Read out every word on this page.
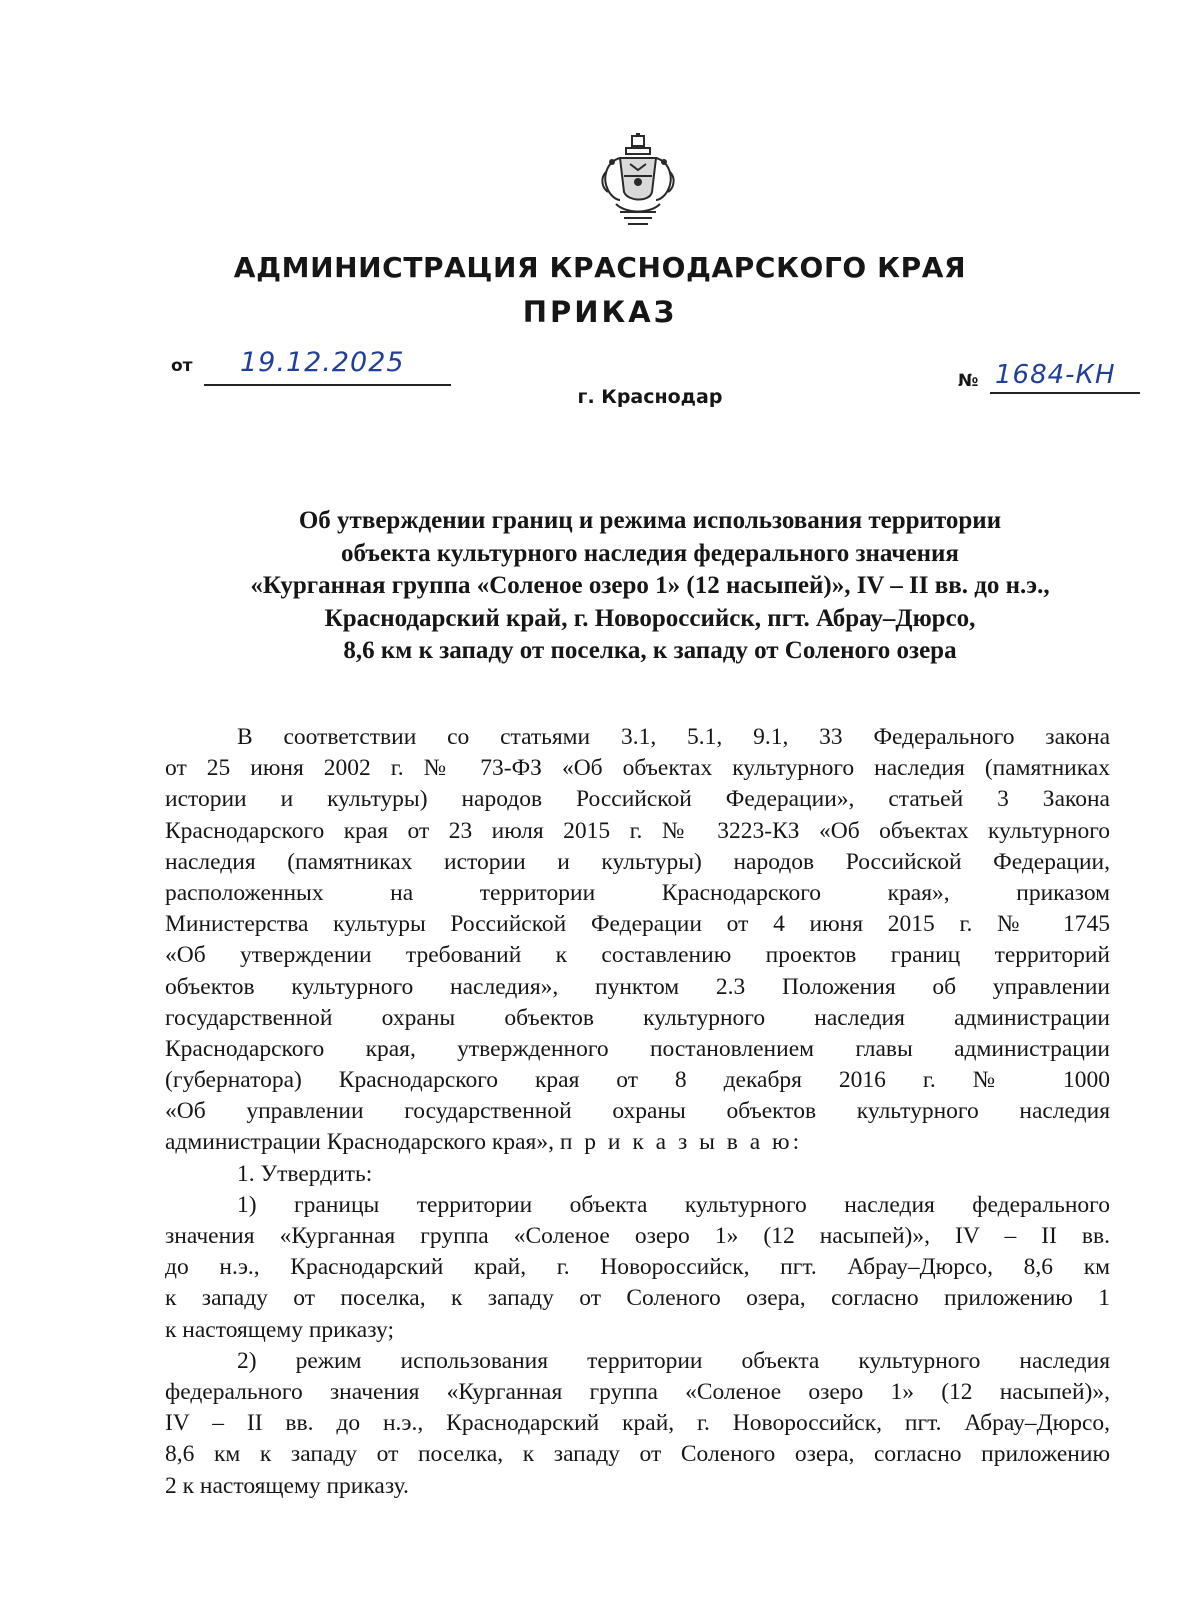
АДМИНИСТРАЦИЯ КРАСНОДАРСКОГО КРАЯ
ПРИКАЗ
от 19.12.2025
г. Краснодар
№ 1684-КН
Об утверждении границ и режима использования территории
объекта культурного наследия федерального значения
«Курганная группа «Соленое озеро 1» (12 насыпей)», IV – II вв. до н.э.,
Краснодарский край, г. Новороссийск, пгт. Абрау–Дюрсо,
8,6 км к западу от поселка, к западу от Соленого озера
В соответствии со статьями 3.1, 5.1, 9.1, 33 Федерального закона
от 25 июня 2002 г. № 73-ФЗ «Об объектах культурного наследия (памятниках
истории и культуры) народов Российской Федерации», статьей 3 Закона
Краснодарского края от 23 июля 2015 г. № 3223-КЗ «Об объектах культурного
наследия (памятниках истории и культуры) народов Российской Федерации,
расположенных на территории Краснодарского края», приказом
Министерства культуры Российской Федерации от 4 июня 2015 г. № 1745
«Об утверждении требований к составлению проектов границ территорий
объектов культурного наследия», пунктом 2.3 Положения об управлении
государственной охраны объектов культурного наследия администрации
Краснодарского края, утвержденного постановлением главы администрации
(губернатора) Краснодарского края от 8 декабря 2016 г. № 1000
«Об управлении государственной охраны объектов культурного наследия
администрации Краснодарского края», п р и к а з ы в а ю:
1. Утвердить:
1) границы территории объекта культурного наследия федерального
значения «Курганная группа «Соленое озеро 1» (12 насыпей)», IV – II вв.
до н.э., Краснодарский край, г. Новороссийск, пгт. Абрау–Дюрсо, 8,6 км
к западу от поселка, к западу от Соленого озера, согласно приложению 1
к настоящему приказу;
2) режим использования территории объекта культурного наследия
федерального значения «Курганная группа «Соленое озеро 1» (12 насыпей)»,
IV – II вв. до н.э., Краснодарский край, г. Новороссийск, пгт. Абрау–Дюрсо,
8,6 км к западу от поселка, к западу от Соленого озера, согласно приложению
2 к настоящему приказу.
